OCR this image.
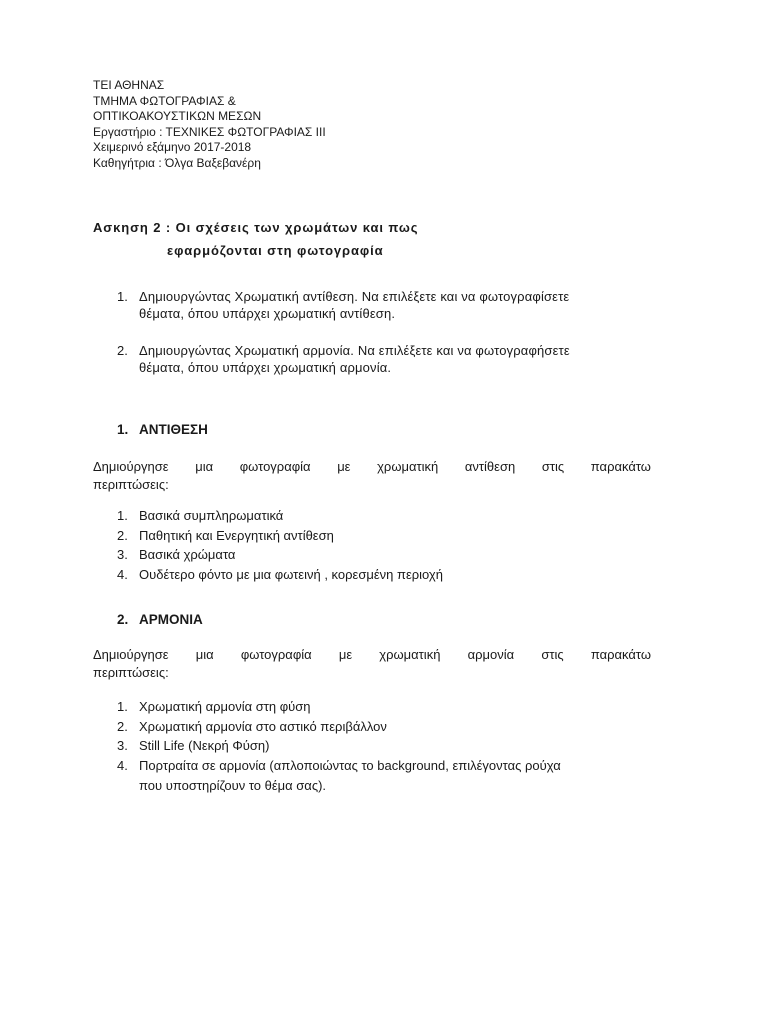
ΤΕΙ ΑΘΗΝΑΣ
ΤΜΗΜΑ ΦΩΤΟΓΡΑΦΙΑΣ &
ΟΠΤΙΚΟΑΚΟΥΣΤΙΚΩΝ ΜΕΣΩΝ
Εργαστήριο : ΤΕΧΝΙΚΕΣ ΦΩΤΟΓΡΑΦΙΑΣ ΙΙΙ
Χειμερινό εξάμηνο 2017-2018
Καθηγήτρια : Όλγα Βαξεβανέρη
Ασκηση 2 : Οι σχέσεις των χρωμάτων και πως
εφαρμόζονται στη φωτογραφία
1. Δημιουργώντας Χρωματική αντίθεση. Να επιλέξετε και να φωτογραφίσετε
θέματα, όπου υπάρχει χρωματική αντίθεση.
2. Δημιουργώντας Χρωματική αρμονία. Να επιλέξετε και να φωτογραφήσετε
θέματα, όπου υπάρχει χρωματική αρμονία.
1. ΑΝΤΙΘΕΣΗ
Δημιούργησε μια φωτογραφία με χρωματική αντίθεση στις παρακάτω
περιπτώσεις:
1. Βασικά συμπληρωματικά
2. Παθητική και Ενεργητική αντίθεση
3. Βασικά χρώματα
4. Ουδέτερο φόντο με μια φωτεινή , κορεσμένη περιοχή
2. ΑΡΜΟΝΙΑ
Δημιούργησε μια φωτογραφία με χρωματική αρμονία στις παρακάτω
περιπτώσεις:
1. Χρωματική αρμονία στη φύση
2. Χρωματική αρμονία στο αστικό περιβάλλον
3. Still Life (Νεκρή Φύση)
4. Πορτραίτα σε αρμονία (απλοποιώντας το background, επιλέγοντας ρούχα
που υποστηρίζουν το θέμα σας).
